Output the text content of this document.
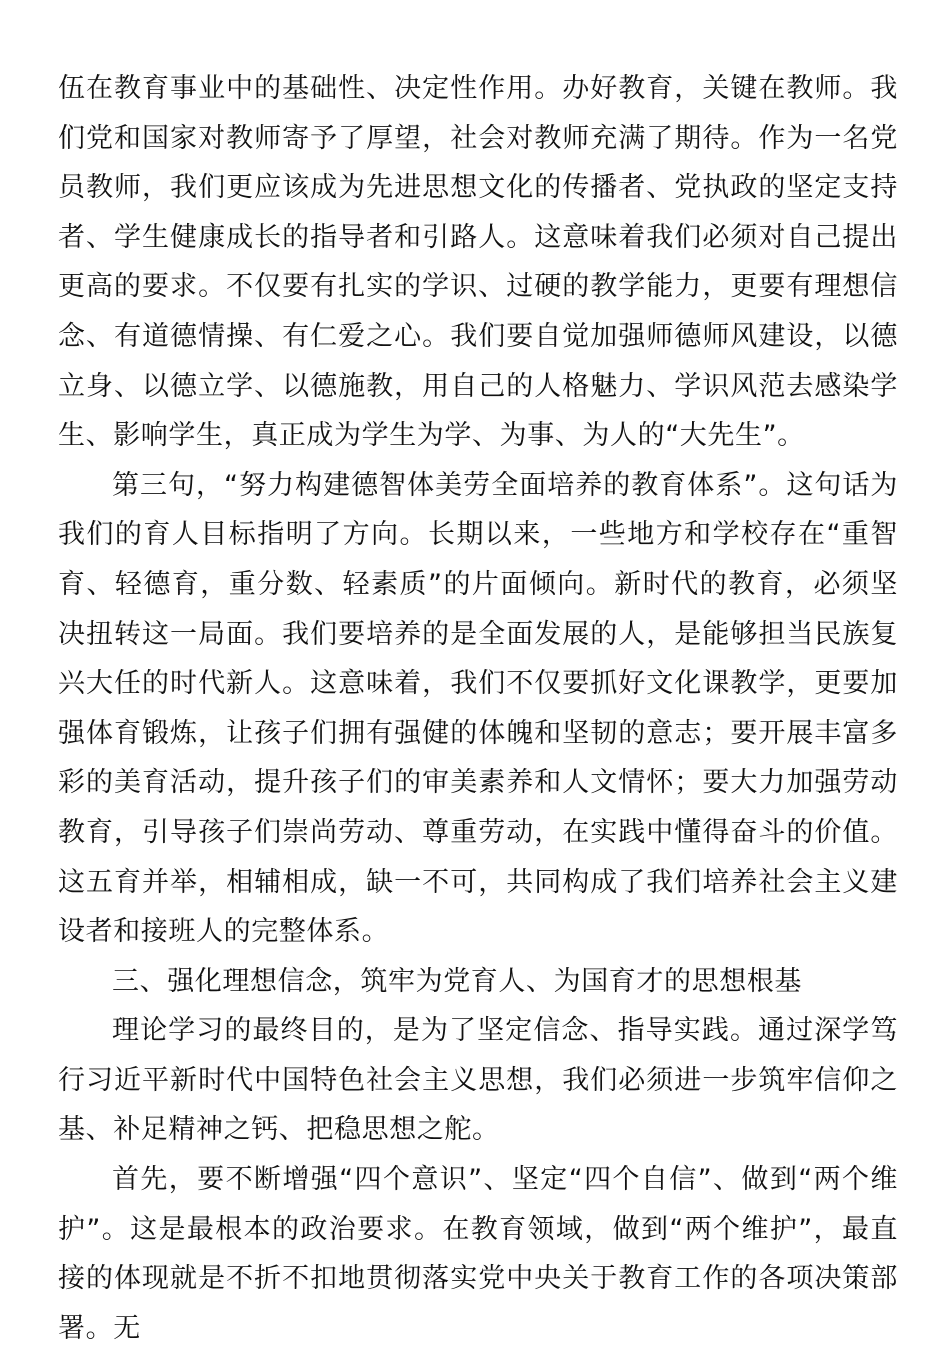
伍在教育事业中的基础性、决定性作用。办好教育，关键在教师。我们党和国家对教师寄予了厚望，社会对教师充满了期待。作为一名党员教师，我们更应该成为先进思想文化的传播者、党执政的坚定支持者、学生健康成长的指导者和引路人。这意味着我们必须对自己提出更高的要求。不仅要有扎实的学识、过硬的教学能力，更要有理想信念、有道德情操、有仁爱之心。我们要自觉加强师德师风建设，以德立身、以德立学、以德施教，用自己的人格魅力、学识风范去感染学生、影响学生，真正成为学生为学、为事、为人的“大先生”。

第三句，“努力构建德智体美劳全面培养的教育体系”。这句话为我们的育人目标指明了方向。长期以来，一些地方和学校存在“重智育、轻德育，重分数、轻素质”的片面倾向。新时代的教育，必须坚决扭转这一局面。我们要培养的是全面发展的人，是能够担当民族复兴大任的时代新人。这意味着，我们不仅要抓好文化课教学，更要加强体育锻炼，让孩子们拥有强健的体魄和坚韧的意志；要开展丰富多彩的美育活动，提升孩子们的审美素养和人文情怀；要大力加强劳动教育，引导孩子们崇尚劳动、尊重劳动，在实践中懂得奋斗的价值。这五育并举，相辅相成，缺一不可，共同构成了我们培养社会主义建设者和接班人的完整体系。

三、强化理想信念，筑牢为党育人、为国育才的思想根基

理论学习的最终目的，是为了坚定信念、指导实践。通过深学笃行习近平新时代中国特色社会主义思想，我们必须进一步筑牢信仰之基、补足精神之钙、把稳思想之舵。

首先，要不断增强“四个意识”、坚定“四个自信”、做到“两个维护”。这是最根本的政治要求。在教育领域，做到“两个维护”，最直接的体现就是不折不扣地贯彻落实党中央关于教育工作的各项决策部署。无
